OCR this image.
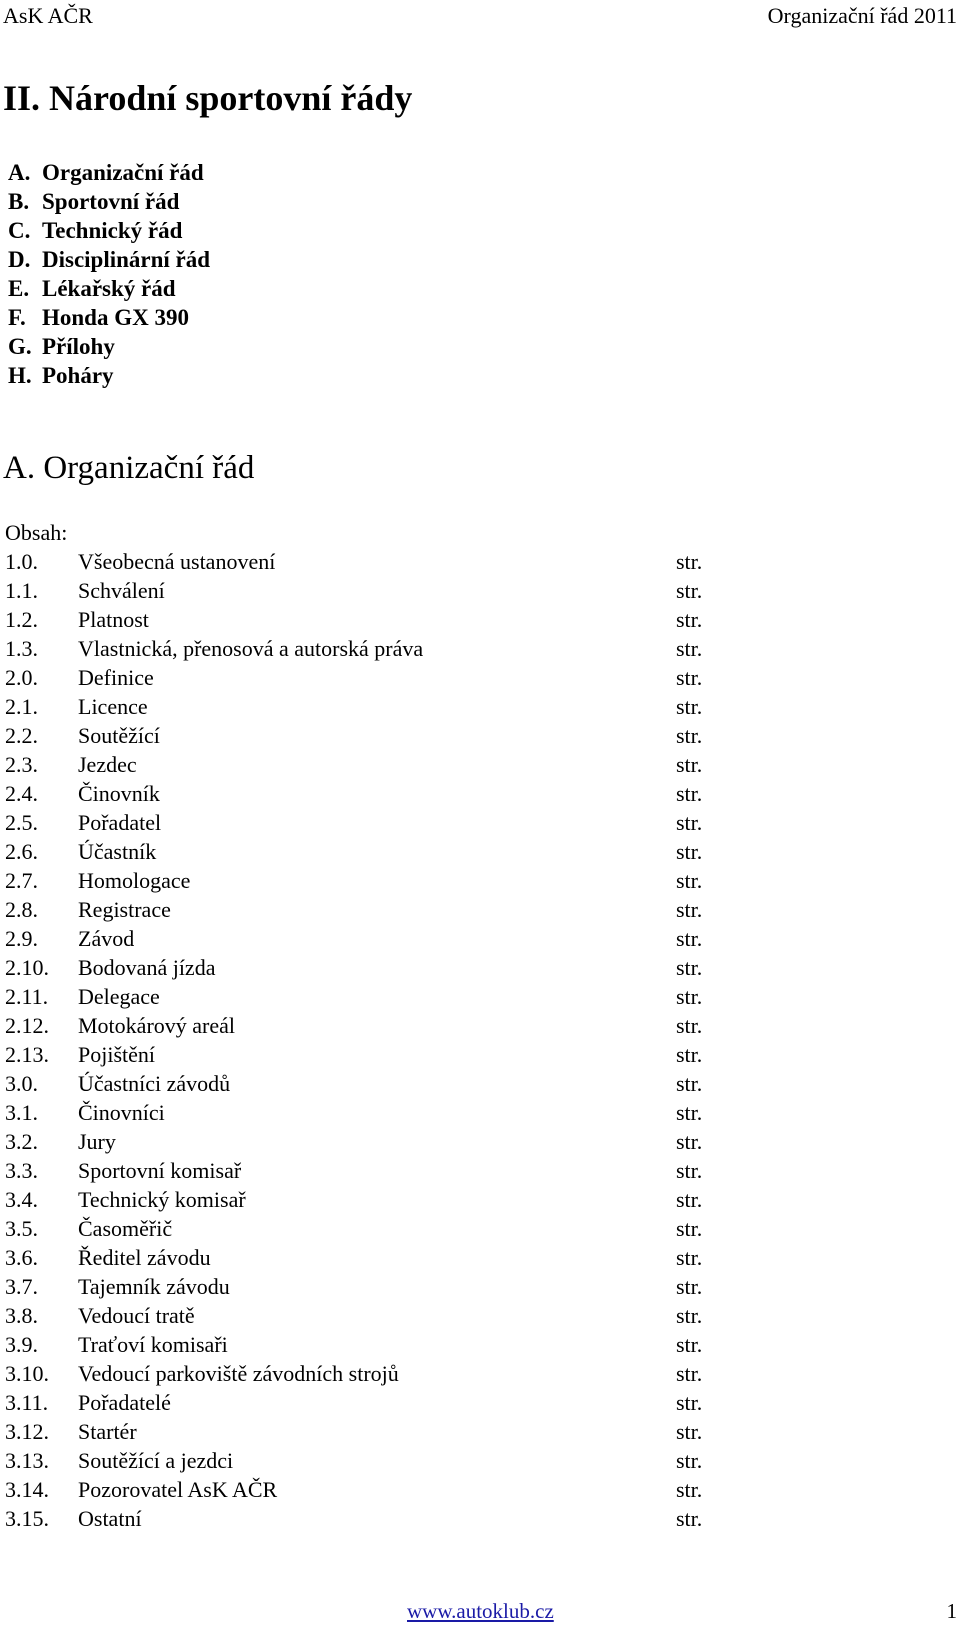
AsK AČR	Organizační řád 2011
II. Národní sportovní řády
A. Organizační řád
B. Sportovní řád
C. Technický řád
D. Disciplinární řád
E. Lékařský řád
F. Honda GX 390
G. Přílohy
H. Poháry
A. Organizační řád
Obsah:
1.0. Všeobecná ustanovení	str.
1.1. Schválení	str.
1.2. Platnost	str.
1.3. Vlastnická, přenosová a autorská práva	str.
2.0. Definice	str.
2.1. Licence	str.
2.2. Soutěžící	str.
2.3. Jezdec	str.
2.4. Činovník	str.
2.5. Pořadatel	str.
2.6. Účastník	str.
2.7. Homologace	str.
2.8. Registrace	str.
2.9. Závod	str.
2.10. Bodovaná jízda	str.
2.11. Delegace	str.
2.12. Motokárový areál	str.
2.13. Pojištění	str.
3.0. Účastníci závodů	str.
3.1. Činovníci	str.
3.2. Jury	str.
3.3. Sportovní komisař	str.
3.4. Technický komisař	str.
3.5. Časoměřič	str.
3.6. Ředitel závodu	str.
3.7. Tajemník závodu	str.
3.8. Vedoucí tratě	str.
3.9. Traťoví komisaři	str.
3.10. Vedoucí parkoviště závodních strojů	str.
3.11. Pořadatelé	str.
3.12. Startér	str.
3.13. Soutěžící a jezdci	str.
3.14. Pozorovatel AsK AČR	str.
3.15. Ostatní	str.
www.autoklub.cz	1
